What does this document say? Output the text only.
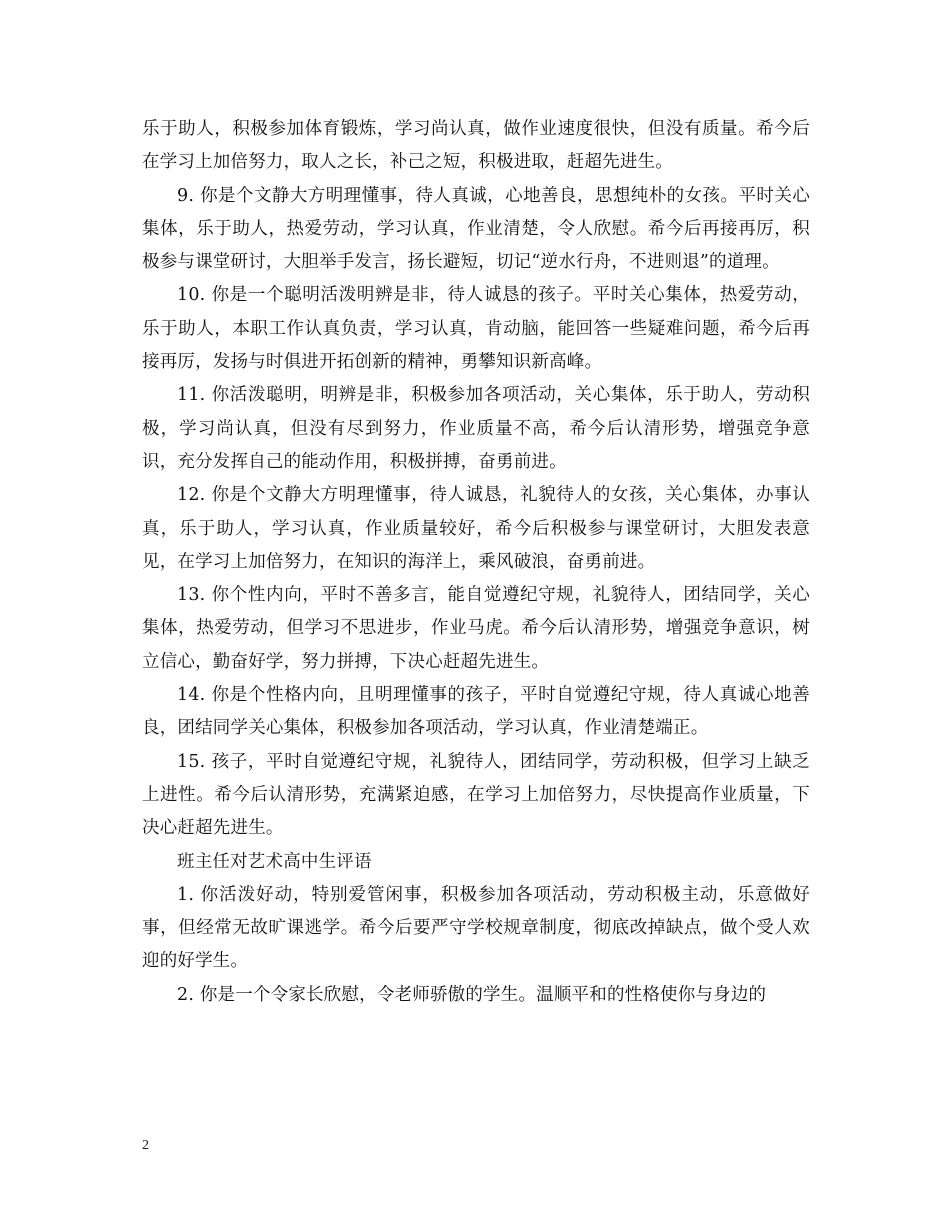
乐于助人，积极参加体育锻炼，学习尚认真，做作业速度很快，但没有质量。希今后在学习上加倍努力，取人之长，补己之短，积极进取，赶超先进生。

9. 你是个文静大方明理懂事，待人真诚，心地善良，思想纯朴的女孩。平时关心集体，乐于助人，热爱劳动，学习认真，作业清楚，令人欣慰。希今后再接再厉，积极参与课堂研讨，大胆举手发言，扬长避短，切记“逆水行舟，不进则退”的道理。

10. 你是一个聪明活泼明辨是非，待人诚恳的孩子。平时关心集体，热爱劳动，乐于助人，本职工作认真负责，学习认真，肯动脑，能回答一些疑难问题，希今后再接再厉，发扬与时俱进开拓创新的精神，勇攀知识新高峰。

11. 你活泼聪明，明辨是非，积极参加各项活动，关心集体，乐于助人，劳动积极，学习尚认真，但没有尽到努力，作业质量不高，希今后认清形势，增强竞争意识，充分发挥自己的能动作用，积极拼搏，奋勇前进。

12. 你是个文静大方明理懂事，待人诚恳，礼貌待人的女孩，关心集体，办事认真，乐于助人，学习认真，作业质量较好，希今后积极参与课堂研讨，大胆发表意见，在学习上加倍努力，在知识的海洋上，乘风破浪，奋勇前进。

13. 你个性内向，平时不善多言，能自觉遵纪守规，礼貌待人，团结同学，关心集体，热爱劳动，但学习不思进步，作业马虎。希今后认清形势，增强竞争意识，树立信心，勤奋好学，努力拼搏，下决心赶超先进生。

14. 你是个性格内向，且明理懂事的孩子，平时自觉遵纪守规，待人真诚心地善良，团结同学关心集体，积极参加各项活动，学习认真，作业清楚端正。

15. 孩子，平时自觉遵纪守规，礼貌待人，团结同学，劳动积极，但学习上缺乏上进性。希今后认清形势，充满紧迫感，在学习上加倍努力，尽快提高作业质量，下决心赶超先进生。

班主任对艺术高中生评语

1. 你活泼好动，特别爱管闲事，积极参加各项活动，劳动积极主动，乐意做好事，但经常无故旷课逃学。希今后要严守学校规章制度，彻底改掉缺点，做个受人欢迎的好学生。

2. 你是一个令家长欣慰，令老师骄傲的学生。温顺平和的性格使你与身边的

2
